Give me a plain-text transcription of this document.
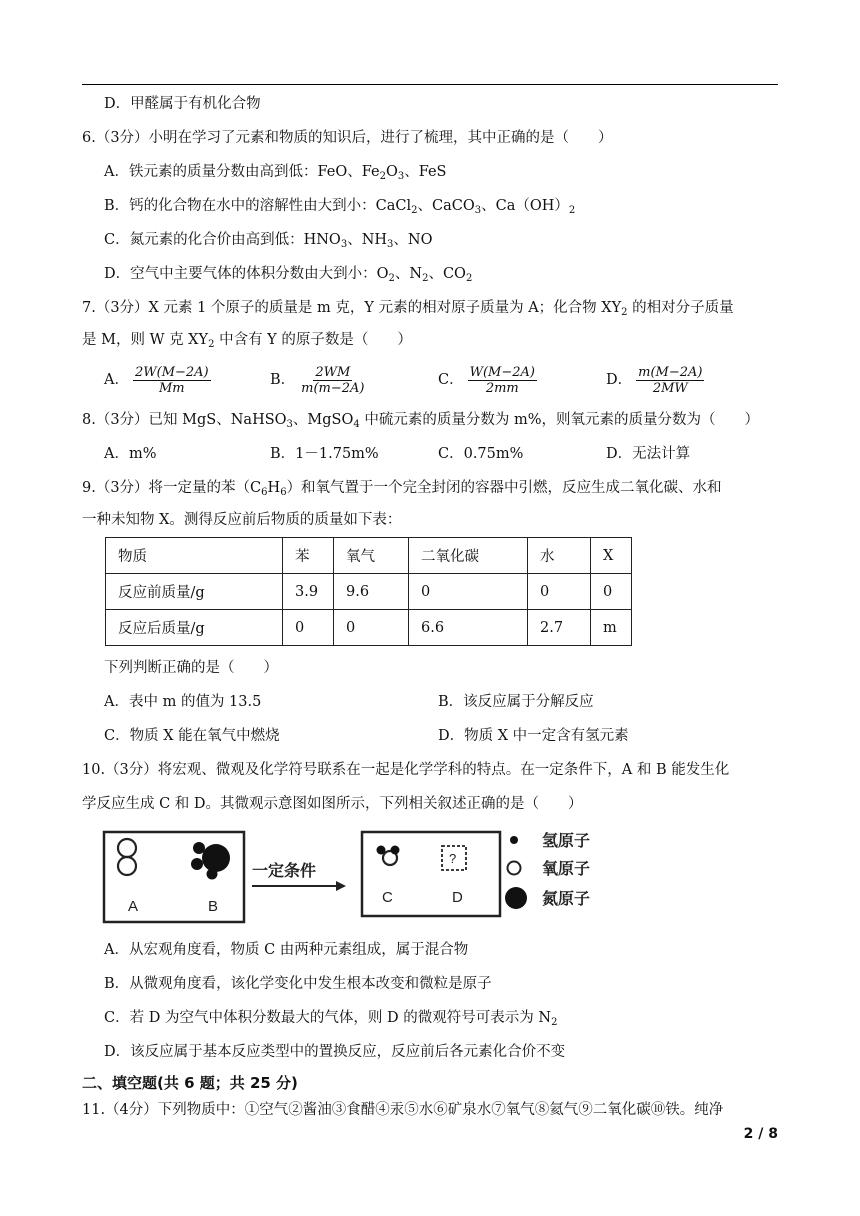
D．甲醛属于有机化合物
6.（3分）小明在学习了元素和物质的知识后，进行了梳理，其中正确的是（　　）
A．铁元素的质量分数由高到低：FeO、$Fe_2O_3$、FeS
B．钙的化合物在水中的溶解性由大到小：CaCl$_2$、CaCO$_3$、$Ca(OH)_2$
C．氮元素的化合价由高到低：$HNO_3$、$NH_3$、NO
D．空气中主要气体的体积分数由大到小：$O_2$、$N_2$、$CO_2$
7.（3分）X 元素 1 个原子的质量是 m 克，Y 元素的相对原子质量为 A；化合物 $XY_2$ 的相对分子质量
是 M，则 W 克 $XY_2$ 中含有 Y 的原子数是（　　）
A． $\frac{2W(M-2A)}{Mm}$	B． $\frac{2WM}{m(m-2A)}$	C． $\frac{W(M-2A)}{2mm}$	D． $\frac{m(M-2A)}{2MW}$
8.（3分）已知 MgS、NaHSO$_3$、MgSO$_4$ 中硫元素的质量分数为 m%，则氧元素的质量分数为（　　）
A．m%	B．1－1.75m%	C．0.75m%	D．无法计算
9.（3分）将一定量的苯$(C_6H_6)$和氧气置于一个完全封闭的容器中引燃，反应生成二氧化碳、水和
一种未知物 X。测得反应前后物质的质量如下表：
物质	苯	氧气	二氧化碳	水	X
反应前质量/g	3.9	9.6	0	0	0
反应后质量/g	0	0	6.6	2.7	m
下列判断正确的是（　　）
A．表中 m 的值为 13.5	B．该反应属于分解反应
C．物质 X 能在氧气中燃烧	D．物质 X 中一定含有氢元素
10.（3分）将宏观、微观及化学符号联系在一起是化学学科的特点。在一定条件下，A 和 B 能发生化
学反应生成 C 和 D。其微观示意图如图所示，下列相关叙述正确的是（　　）
A	B
一定条件
C
?
D
氢原子
氧原子
氮原子
A．从宏观角度看，物质 C 由两种元素组成，属于混合物
B．从微观角度看，该化学变化中发生根本改变和微粒是原子
C．若 D 为空气中体积分数最大的气体，则 D 的微观符号可表示为 $N_2$
D．该反应属于基本反应类型中的置换反应，反应前后各元素化合价不变
二、填空题(共 6 题；共 25 分)
11.（4分）下列物质中：①空气②酱油③食醋④汞⑤水⑥矿泉水⑦氧气⑧氦气⑨二氧化碳⑩铁。纯净
2 / 8
